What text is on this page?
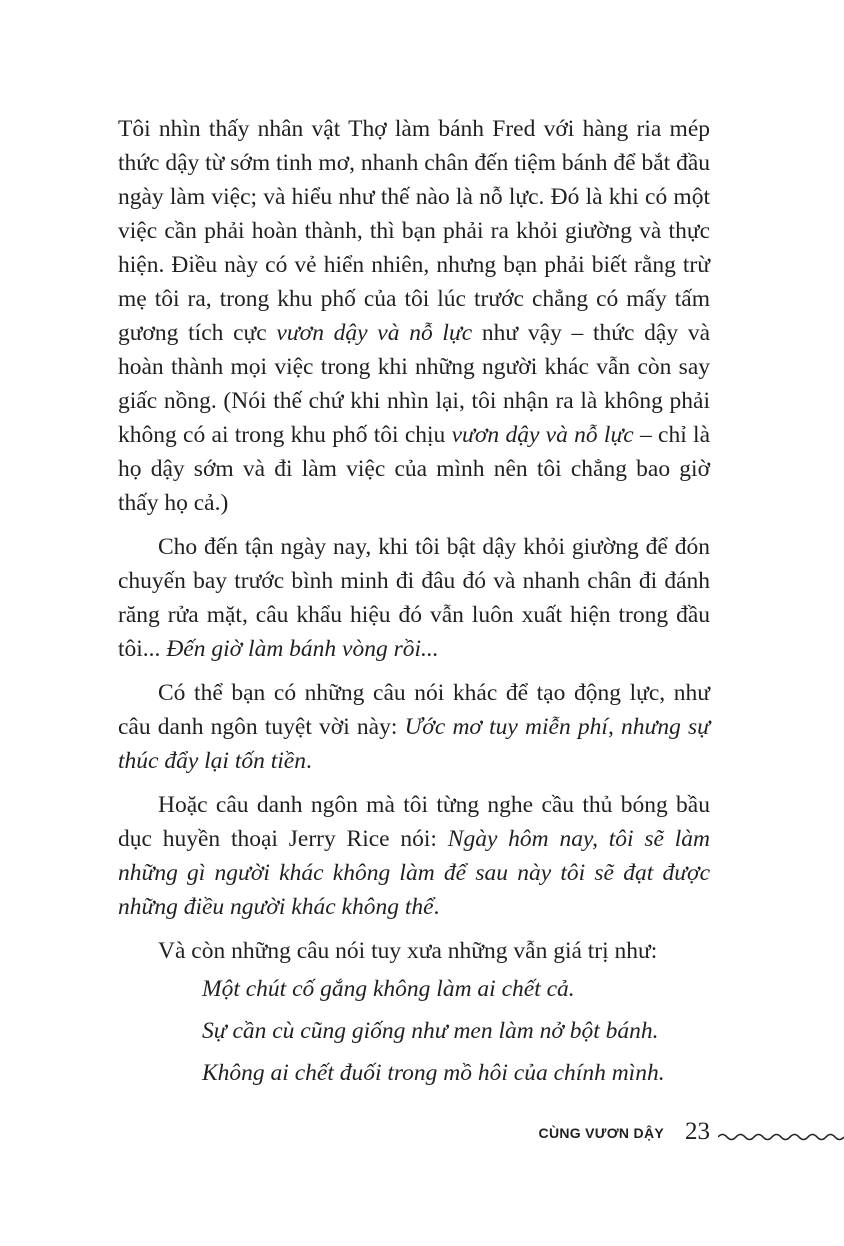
Tôi nhìn thấy nhân vật Thợ làm bánh Fred với hàng ria mép thức dậy từ sớm tinh mơ, nhanh chân đến tiệm bánh để bắt đầu ngày làm việc; và hiểu như thế nào là nỗ lực. Đó là khi có một việc cần phải hoàn thành, thì bạn phải ra khỏi giường và thực hiện. Điều này có vẻ hiển nhiên, nhưng bạn phải biết rằng trừ mẹ tôi ra, trong khu phố của tôi lúc trước chẳng có mấy tấm gương tích cực vươn dậy và nỗ lực như vậy – thức dậy và hoàn thành mọi việc trong khi những người khác vẫn còn say giấc nồng. (Nói thế chứ khi nhìn lại, tôi nhận ra là không phải không có ai trong khu phố tôi chịu vươn dậy và nỗ lực – chỉ là họ dậy sớm và đi làm việc của mình nên tôi chẳng bao giờ thấy họ cả.)

Cho đến tận ngày nay, khi tôi bật dậy khỏi giường để đón chuyến bay trước bình minh đi đâu đó và nhanh chân đi đánh răng rửa mặt, câu khẩu hiệu đó vẫn luôn xuất hiện trong đầu tôi... Đến giờ làm bánh vòng rồi...

Có thể bạn có những câu nói khác để tạo động lực, như câu danh ngôn tuyệt vời này: Ước mơ tuy miễn phí, nhưng sự thúc đẩy lại tốn tiền.

Hoặc câu danh ngôn mà tôi từng nghe cầu thủ bóng bầu dục huyền thoại Jerry Rice nói: Ngày hôm nay, tôi sẽ làm những gì người khác không làm để sau này tôi sẽ đạt được những điều người khác không thể.

Và còn những câu nói tuy xưa những vẫn giá trị như:

Một chút cố gắng không làm ai chết cả.
Sự cần cù cũng giống như men làm nở bột bánh.
Không ai chết đuối trong mồ hôi của chính mình.
CÙNG VƯƠN DẬY 23
